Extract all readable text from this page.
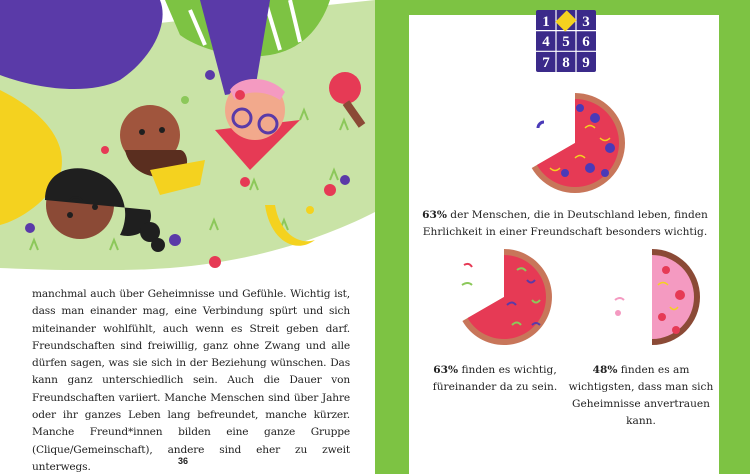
manchmal auch über Geheimnisse und Gefühle. Wichtig ist, dass man einander mag, eine Verbindung spürt und sich miteinander wohlfühlt, auch wenn es Streit geben darf. Freundschaften sind freiwillig, ganz ohne Zwang und alle dürfen sagen, was sie sich in der Beziehung wünschen. Das kann ganz unterschiedlich sein. Auch die Dauer von Freundschaften variiert. Manche Menschen sind über Jahre oder ihr ganzes Leben lang befreundet, manche kürzer. Manche Freund*innen bilden eine ganze Gruppe (Clique/Gemeinschaft), andere sind eher zu zweit unterwegs.	36	37
1 3
4 5 6
7 8 9

63% der Menschen, die in Deutschland leben, finden Ehrlichkeit in einer Freundschaft besonders wichtig.

63% finden es wichtig, füreinander da zu sein.

48% finden es am wichtigsten, dass man sich Geheimnisse anvertrauen kann.
